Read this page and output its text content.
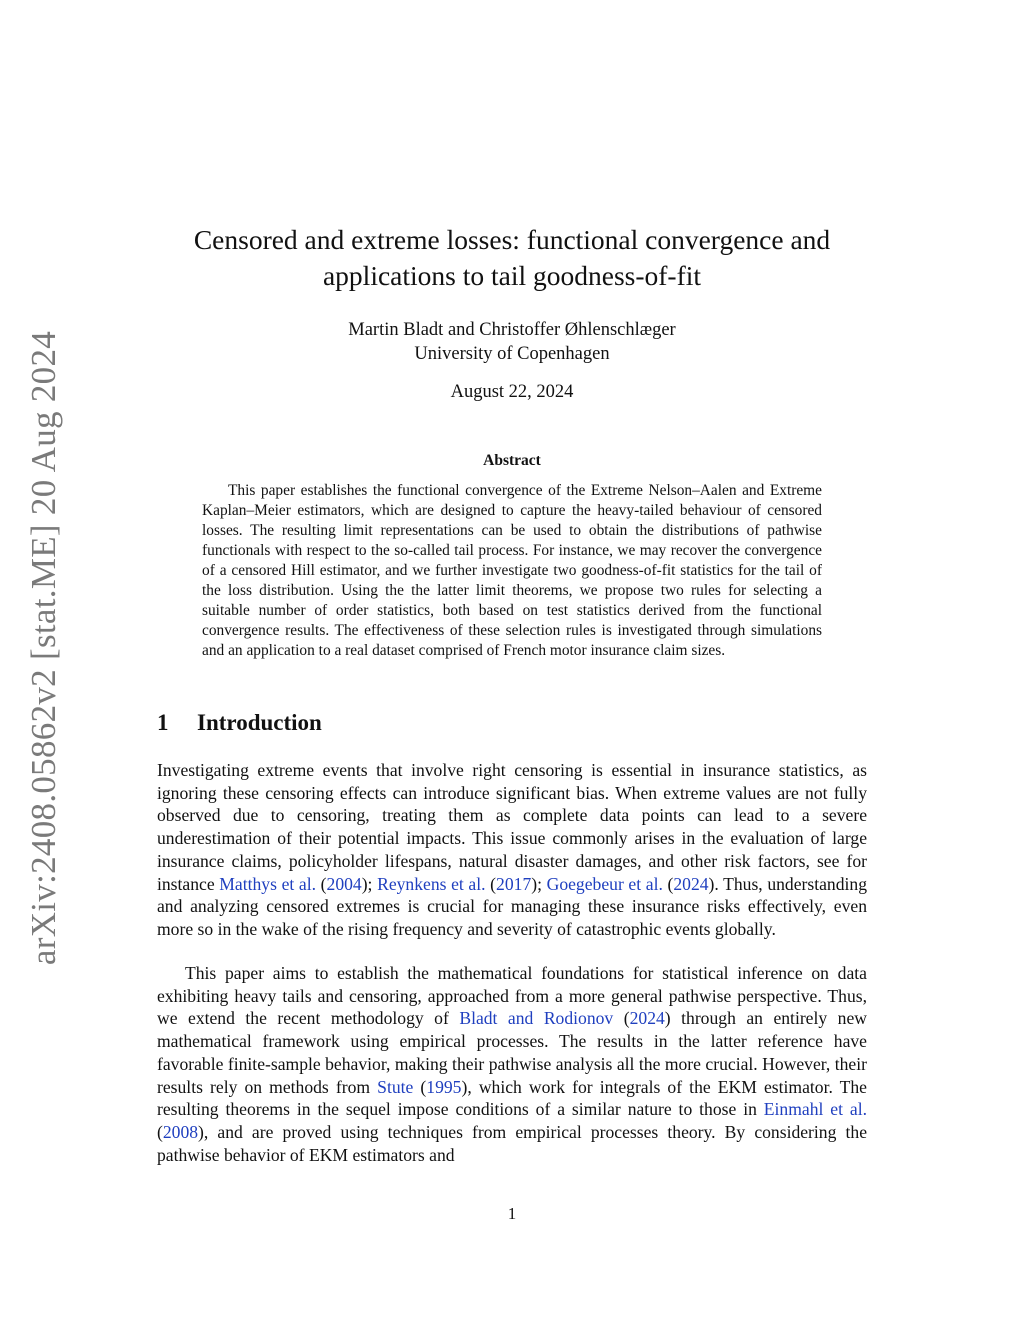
arXiv:2408.05862v2 [stat.ME] 20 Aug 2024
Censored and extreme losses: functional convergence and
applications to tail goodness-of-fit
Martin Bladt and Christoffer Øhlenschlæger
University of Copenhagen
August 22, 2024
Abstract

This paper establishes the functional convergence of the Extreme Nelson–Aalen and Extreme Kaplan–Meier estimators, which are designed to capture the heavy-tailed behaviour of censored losses. The resulting limit representations can be used to obtain the distributions of pathwise functionals with respect to the so-called tail process. For instance, we may recover the convergence of a censored Hill estimator, and we further investigate two goodness-of-fit statistics for the tail of the loss distribution. Using the the latter limit theorems, we propose two rules for selecting a suitable number of order statistics, both based on test statistics derived from the functional convergence results. The effectiveness of these selection rules is investigated through simulations and an application to a real dataset comprised of French motor insurance claim sizes.

1 Introduction

Investigating extreme events that involve right censoring is essential in insurance statistics, as ignoring these censoring effects can introduce significant bias. When extreme values are not fully observed due to censoring, treating them as complete data points can lead to a severe underestimation of their potential impacts. This issue commonly arises in the evaluation of large insurance claims, policyholder lifespans, natural disaster damages, and other risk factors, see for instance Matthys et al. (2004); Reynkens et al. (2017); Goegebeur et al. (2024). Thus, understanding and analyzing censored extremes is crucial for managing these insurance risks effectively, even more so in the wake of the rising frequency and severity of catastrophic events globally.

This paper aims to establish the mathematical foundations for statistical inference on data exhibiting heavy tails and censoring, approached from a more general pathwise perspective. Thus, we extend the recent methodology of Bladt and Rodionov (2024) through an entirely new mathematical framework using empirical processes. The results in the latter reference have favorable finite-sample behavior, making their pathwise analysis all the more crucial. However, their results rely on methods from Stute (1995), which work for integrals of the EKM estimator. The resulting theorems in the sequel impose conditions of a similar nature to those in Einmahl et al. (2008), and are proved using techniques from empirical processes theory. By considering the pathwise behavior of EKM estimators and

1
